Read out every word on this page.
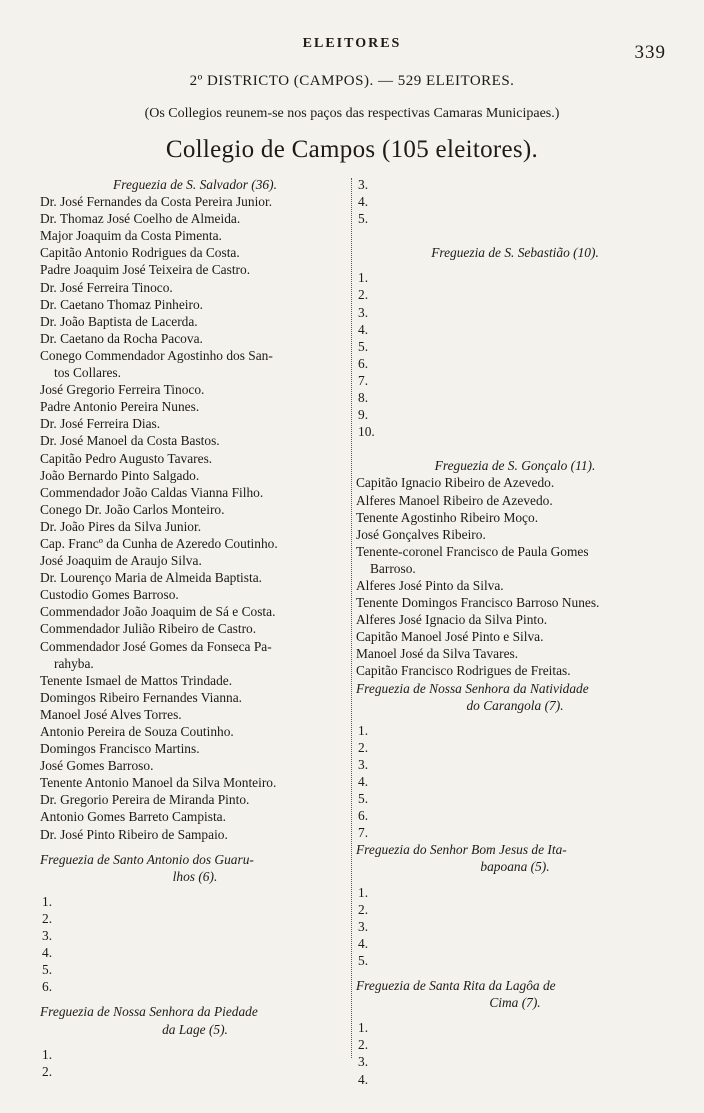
ELEITORES	339
2º DISTRICTO (CAMPOS). — 529 ELEITORES.
(Os Collegios reunem-se nos paços das respectivas Camaras Municipaes.)
Collegio de Campos (105 eleitores).
Freguezia de S. Salvador (36).
Dr. José Fernandes da Costa Pereira Junior.
Dr. Thomaz José Coelho de Almeida.
Major Joaquim da Costa Pimenta.
Capitão Antonio Rodrigues da Costa.
Padre Joaquim José Teixeira de Castro.
Dr. José Ferreira Tinoco.
Dr. Caetano Thomaz Pinheiro.
Dr. João Baptista de Lacerda.
Dr. Caetano da Rocha Pacova.
Conego Commendador Agostinho dos San-
tos Collares.
José Gregorio Ferreira Tinoco.
Padre Antonio Pereira Nunes.
Dr. José Ferreira Dias.
Dr. José Manoel da Costa Bastos.
Capitão Pedro Augusto Tavares.
João Bernardo Pinto Salgado.
Commendador João Caldas Vianna Filho.
Conego Dr. João Carlos Monteiro.
Dr. João Pires da Silva Junior.
Cap. Francº da Cunha de Azeredo Coutinho.
José Joaquim de Araujo Silva.
Dr. Lourenço Maria de Almeida Baptista.
Custodio Gomes Barroso.
Commendador João Joaquim de Sá e Costa.
Commendador Julião Ribeiro de Castro.
Commendador José Gomes da Fonseca Pa-
rahyba.
Tenente Ismael de Mattos Trindade.
Domingos Ribeiro Fernandes Vianna.
Manoel José Alves Torres.
Antonio Pereira de Souza Coutinho.
Domingos Francisco Martins.
José Gomes Barroso.
Tenente Antonio Manoel da Silva Monteiro.
Dr. Gregorio Pereira de Miranda Pinto.
Antonio Gomes Barreto Campista.
Dr. José Pinto Ribeiro de Sampaio.
Freguezia de Santo Antonio dos Guaru-
lhos (6).
1.
2.
3.
4.
5.
6.
Freguezia de Nossa Senhora da Piedade
da Lage (5).
1.
2.
3.
4.
5.
Freguezia de S. Sebastião (10).
1.
2.
3.
4.
5.
6.
7.
8.
9.
10.
Freguezia de S. Gonçalo (11).
Capitão Ignacio Ribeiro de Azevedo.
Alferes Manoel Ribeiro de Azevedo.
Tenente Agostinho Ribeiro Moço.
José Gonçalves Ribeiro.
Tenente-coronel Francisco de Paula Gomes
Barroso.
Alferes José Pinto da Silva.
Tenente Domingos Francisco Barroso Nunes.
Alferes José Ignacio da Silva Pinto.
Capitão Manoel José Pinto e Silva.
Manoel José da Silva Tavares.
Capitão Francisco Rodrigues de Freitas.
Freguezia de Nossa Senhora da Natividade
do Carangola (7).
1.
2.
3.
4.
5.
6.
7.
Freguezia do Senhor Bom Jesus de Ita-
bapoana (5).
1.
2.
3.
4.
5.
Freguezia de Santa Rita da Lagôa de
Cima (7).
1.
2.
3.
4.
